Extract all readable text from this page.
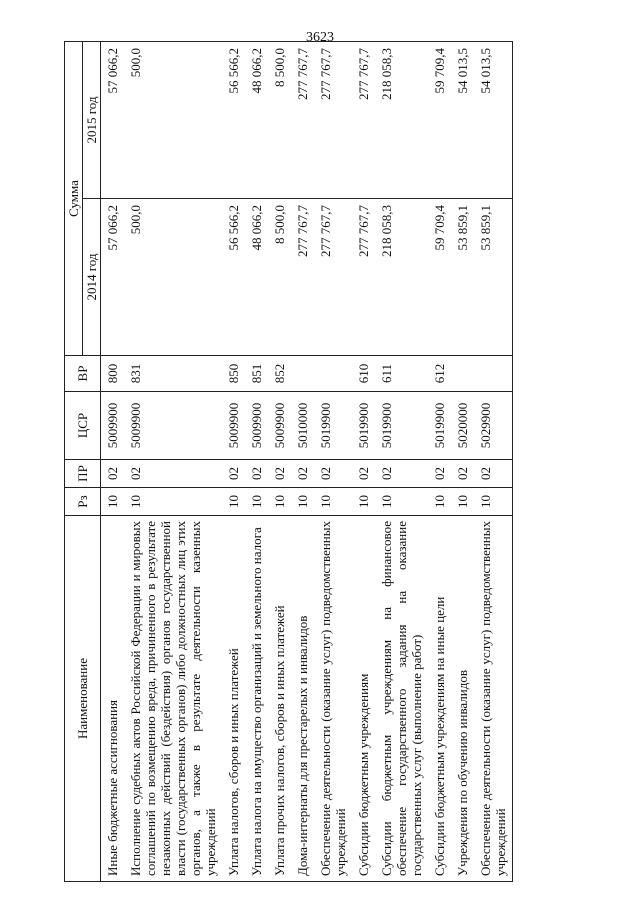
3623
Наименование	Рз	ПР	ЦСР	ВР	Сумма	
					2014 год	2015 год
Иные бюджетные ассигнования	10	02	5009900	800	57 066,2	57 066,2
Исполнение судебных актов Российской Федерации и мировых соглашений по возмещению вреда, причиненного в результате незаконных действий (бездействия) органов государственной власти (государственных органов) либо должностных лиц этих органов, а также в результате деятельности казенных учреждений	10	02	5009900	831	500,0	500,0
Уплата налогов, сборов и иных платежей	10	02	5009900	850	56 566,2	56 566,2
Уплата налога на имущество организаций и земельного налога	10	02	5009900	851	48 066,2	48 066,2
Уплата прочих налогов, сборов и иных платежей	10	02	5009900	852	8 500,0	8 500,0
Дома-интернаты для престарелых и инвалидов	10	02	5010000		277 767,7	277 767,7
Обеспечение деятельности (оказание услуг) подведомственных учреждений	10	02	5019900		277 767,7	277 767,7
Субсидии бюджетным учреждениям	10	02	5019900	610	277 767,7	277 767,7
Субсидии бюджетным учреждениям на финансовое обеспечение государственного задания на оказание государственных услуг (выполнение работ)	10	02	5019900	611	218 058,3	218 058,3
Субсидии бюджетным учреждениям на иные цели	10	02	5019900	612	59 709,4	59 709,4
Учреждения по обучению инвалидов	10	02	5020000		53 859,1	54 013,5
Обеспечение деятельности (оказание услуг) подведомственных учреждений	10	02	5029900		53 859,1	54 013,5
